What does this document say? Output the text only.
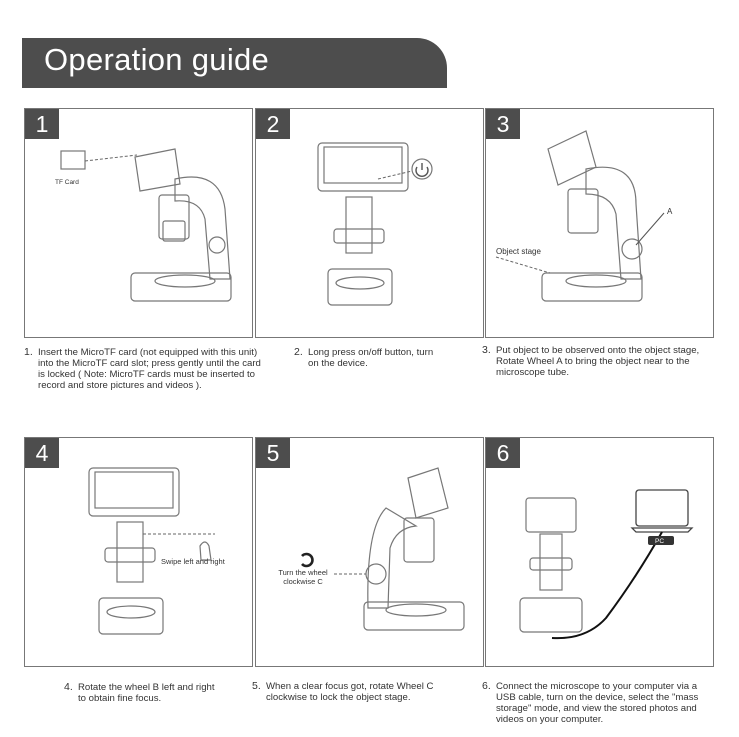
Operation guide
1
TF Card
2	3
A
Object stage
4
Swipe left and right
5
Turn the wheel clockwise C
6
PC
1. Insert the MicroTF card (not equipped with this unit) into the MicroTF card slot; press gently until the card is locked ( Note: MicroTF cards must be inserted to record and store pictures and videos ).
2. Long press on/off button, turn on the device.
3. Put object to be observed onto the object stage, Rotate Wheel A to bring the object near to the microscope tube.
4. Rotate the wheel B left and right to obtain fine focus.
5. When a clear focus got, rotate Wheel C clockwise to lock the object stage.
6. Connect the microscope to your computer via a USB cable, turn on the device, select the "mass storage" mode, and view the stored photos and videos on your computer.
